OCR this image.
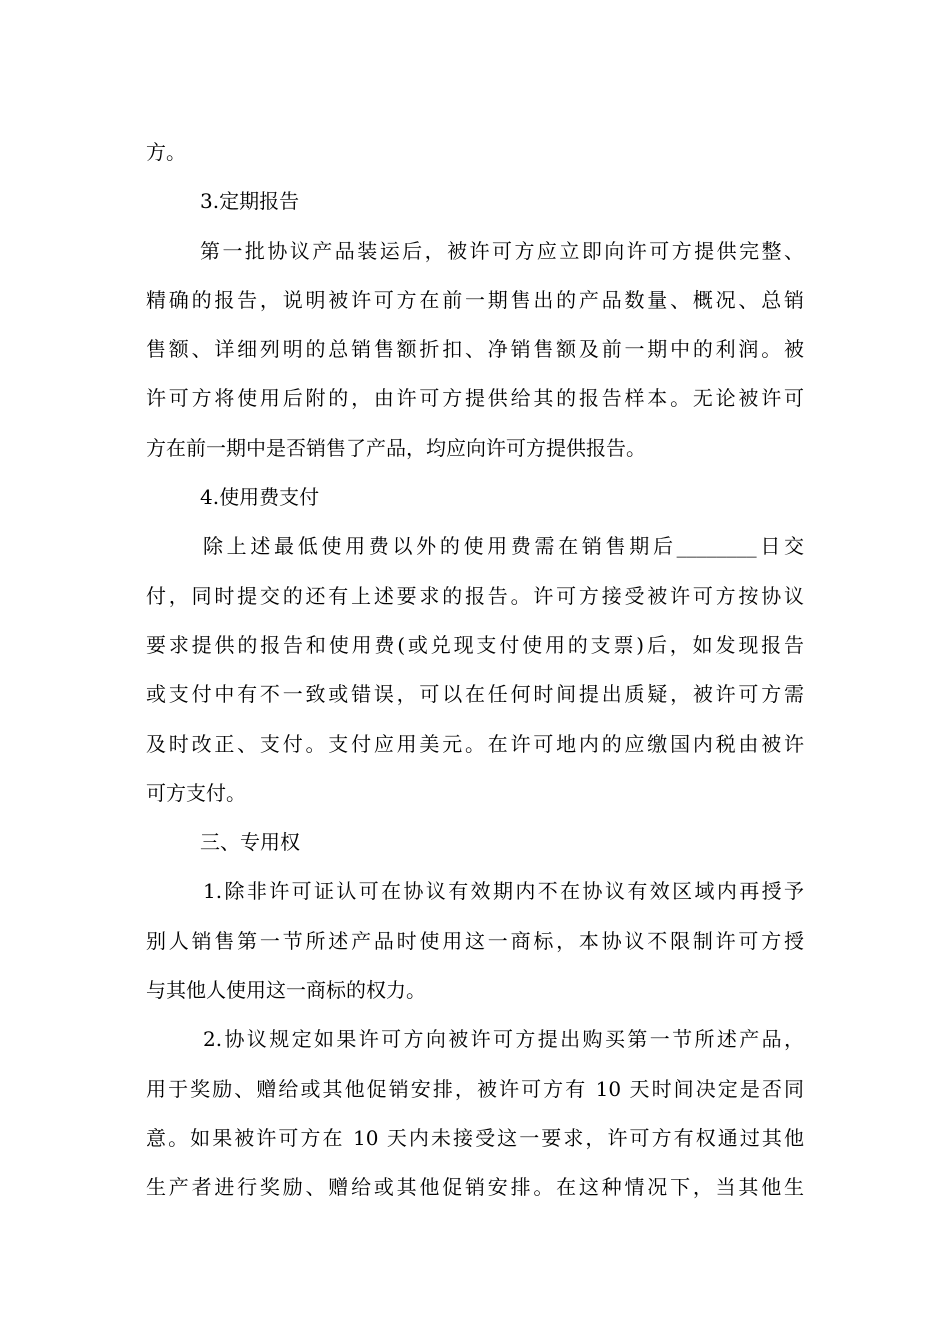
方。
3.定期报告
第一批协议产品装运后，被许可方应立即向许可方提供完整、
精确的报告，说明被许可方在前一期售出的产品数量、概况、总销
售额、详细列明的总销售额折扣、净销售额及前一期中的利润。被
许可方将使用后附的，由许可方提供给其的报告样本。无论被许可
方在前一期中是否销售了产品，均应向许可方提供报告。
4.使用费支付
除上述最低使用费以外的使用费需在销售期后________日交
付，同时提交的还有上述要求的报告。许可方接受被许可方按协议
要求提供的报告和使用费(或兑现支付使用的支票)后，如发现报告
或支付中有不一致或错误，可以在任何时间提出质疑，被许可方需
及时改正、支付。支付应用美元。在许可地内的应缴国内税由被许
可方支付。
三、专用权
1.除非许可证认可在协议有效期内不在协议有效区域内再授予
别人销售第一节所述产品时使用这一商标，本协议不限制许可方授
与其他人使用这一商标的权力。
2.协议规定如果许可方向被许可方提出购买第一节所述产品，
用于奖励、赠给或其他促销安排，被许可方有 10 天时间决定是否同
意。如果被许可方在 10 天内未接受这一要求，许可方有权通过其他
生产者进行奖励、赠给或其他促销安排。在这种情况下，当其他生
